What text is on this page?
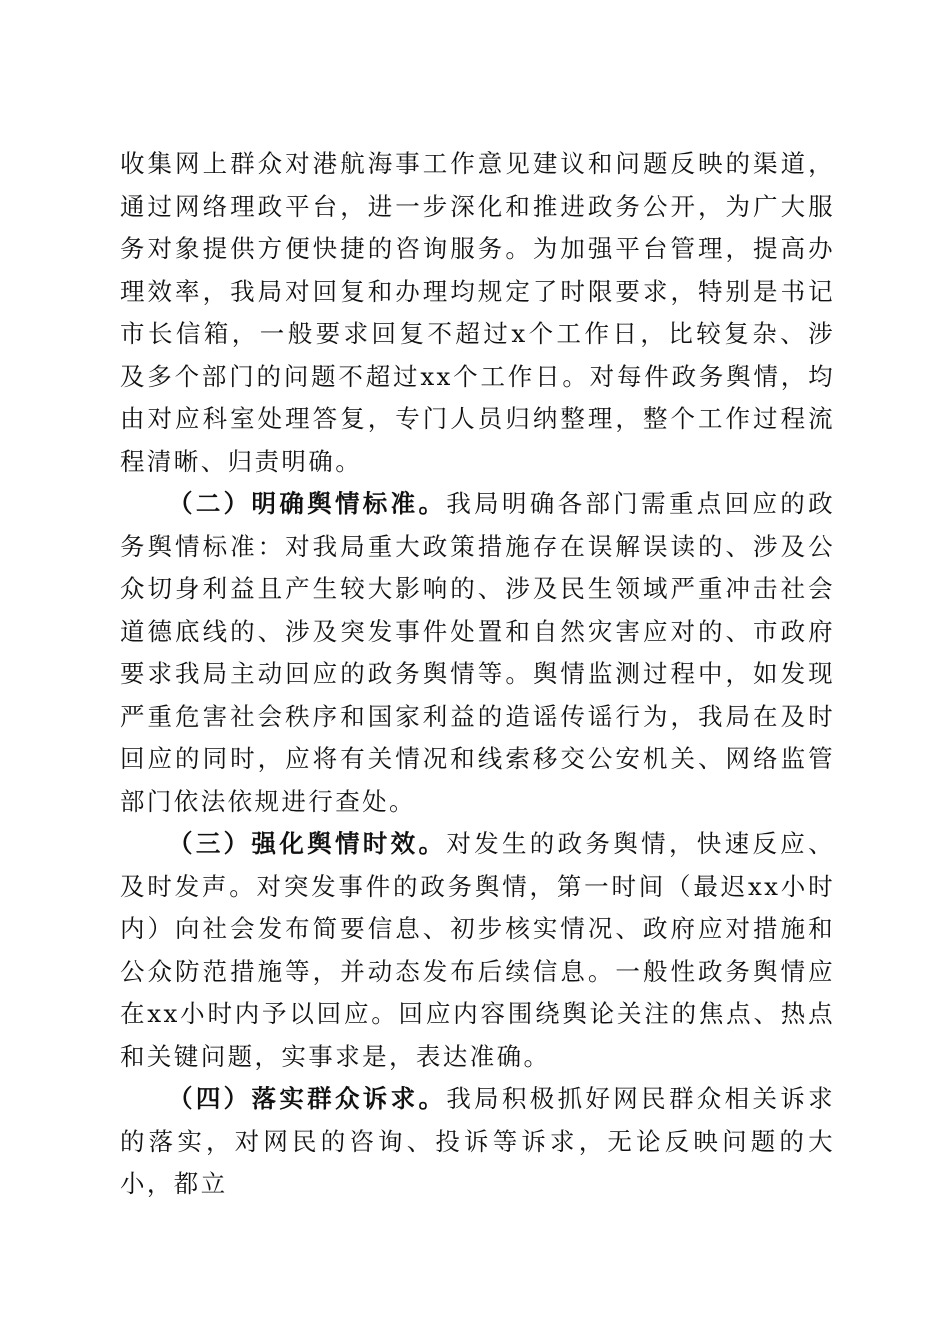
收集网上群众对港航海事工作意见建议和问题反映的渠道，通过网络理政平台，进一步深化和推进政务公开，为广大服务对象提供方便快捷的咨询服务。为加强平台管理，提高办理效率，我局对回复和办理均规定了时限要求，特别是书记市长信箱，一般要求回复不超过x个工作日，比较复杂、涉及多个部门的问题不超过xx个工作日。对每件政务舆情，均由对应科室处理答复，专门人员归纳整理，整个工作过程流程清晰、归责明确。

（二）明确舆情标准。我局明确各部门需重点回应的政务舆情标准：对我局重大政策措施存在误解误读的、涉及公众切身利益且产生较大影响的、涉及民生领域严重冲击社会道德底线的、涉及突发事件处置和自然灾害应对的、市政府要求我局主动回应的政务舆情等。舆情监测过程中，如发现严重危害社会秩序和国家利益的造谣传谣行为，我局在及时回应的同时，应将有关情况和线索移交公安机关、网络监管部门依法依规进行查处。

（三）强化舆情时效。对发生的政务舆情，快速反应、及时发声。对突发事件的政务舆情，第一时间（最迟xx小时内）向社会发布简要信息、初步核实情况、政府应对措施和公众防范措施等，并动态发布后续信息。一般性政务舆情应在xx小时内予以回应。回应内容围绕舆论关注的焦点、热点和关键问题，实事求是，表达准确。

（四）落实群众诉求。我局积极抓好网民群众相关诉求的落实，对网民的咨询、投诉等诉求，无论反映问题的大小，都立
